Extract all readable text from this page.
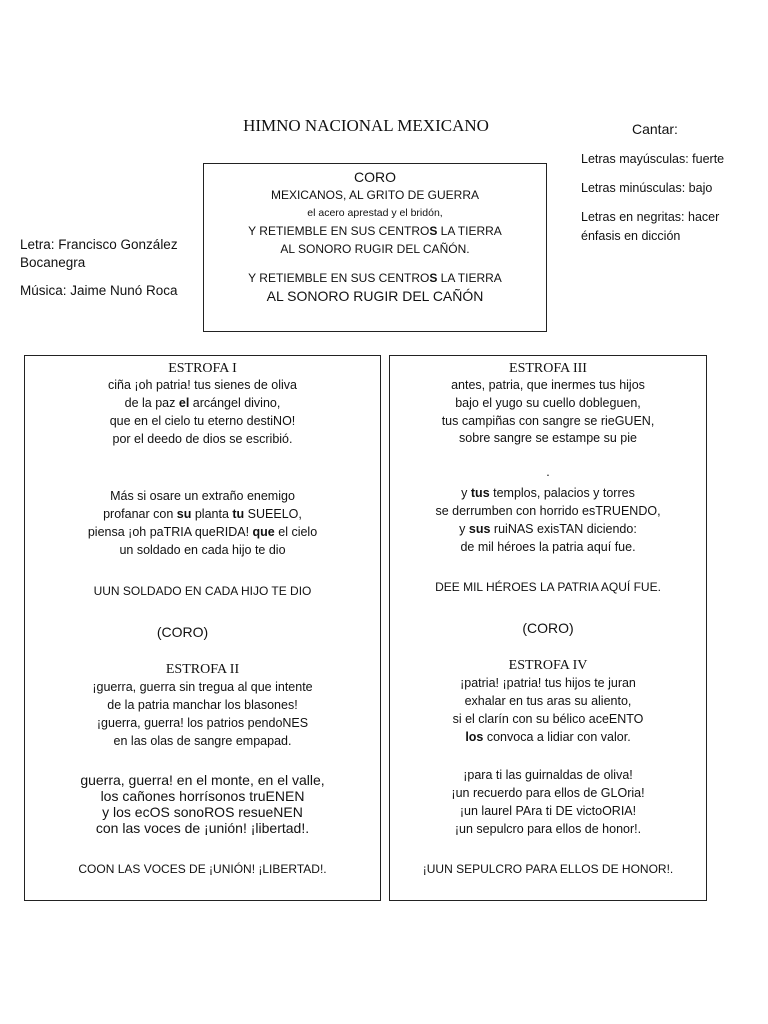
HIMNO NACIONAL MEXICANO	Cantar:
Letras mayúsculas: fuerte
Letras minúsculas: bajo
Letras en negritas: hacer
énfasis en dicción
Letra: Francisco González
Bocanegra
Música: Jaime Nunó Roca
CORO
MEXICANOS, AL GRITO DE GUERRA
el acero aprestad y el bridón,
Y RETIEMBLE EN SUS CENTROS LA TIERRA
AL SONORO RUGIR DEL CAÑÓN.
Y RETIEMBLE EN SUS CENTROS LA TIERRA
AL SONORO RUGIR DEL CAÑÓN
ESTROFA I
ciña ¡oh patria! tus sienes de oliva
de la paz el arcángel divino,
que en el cielo tu eterno destiNO!
por el deedo de dios se escribió.
Más si osare un extraño enemigo
profanar con su planta tu SUEELO,
piensa ¡oh paTRIA queRIDA! que el cielo
un soldado en cada hijo te dio
UUN SOLDADO EN CADA HIJO TE DIO
(CORO)
ESTROFA II
¡guerra, guerra sin tregua al que intente
de la patria manchar los blasones!
¡guerra, guerra! los patrios pendoNES
en las olas de sangre empapad.
guerra, guerra! en el monte, en el valle,
los cañones horrísonos truENEN
y los ecOS sonoROS resueNEN
con las voces de ¡unión! ¡libertad!.
COON LAS VOCES DE ¡UNIÓN! ¡LIBERTAD!.
ESTROFA III
antes, patria, que inermes tus hijos
bajo el yugo su cuello dobleguen,
tus campiñas con sangre se rieGUEN,
sobre sangre se estampe su pie
.
y tus templos, palacios y torres
se derrumben con horrido esTRUENDO,
y sus ruiNAS exisTAN diciendo:
de mil héroes la patria aquí fue.
DEE MIL HÉROES LA PATRIA AQUÍ FUE.
(CORO)
ESTROFA IV
¡patria! ¡patria! tus hijos te juran
exhalar en tus aras su aliento,
si el clarín con su bélico aceENTO
los convoca a lidiar con valor.
¡para ti las guirnaldas de oliva!
¡un recuerdo para ellos de GLOria!
¡un laurel PAra ti DE victoORIA!
¡un sepulcro para ellos de honor!.
¡UUN SEPULCRO PARA ELLOS DE HONOR!.
